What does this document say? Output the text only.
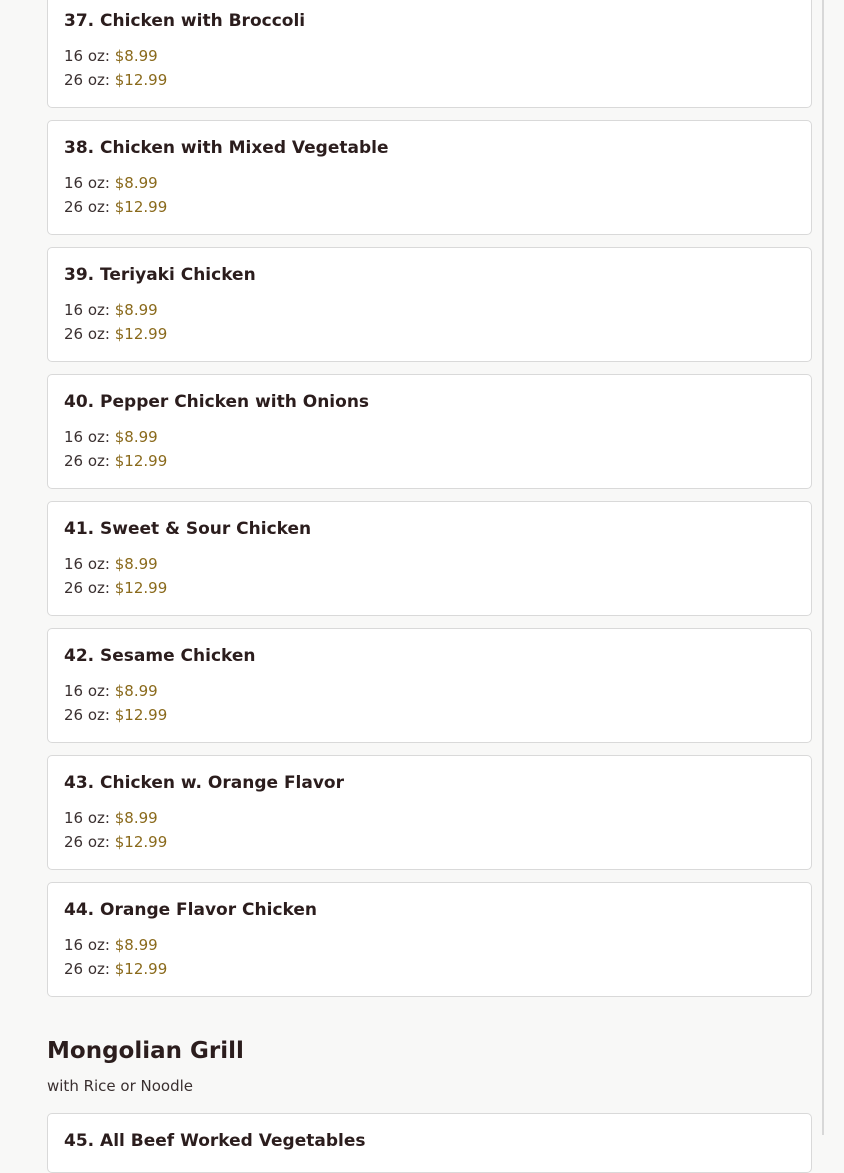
37. Chicken with Broccoli
16 oz: $8.99
26 oz: $12.99
38. Chicken with Mixed Vegetable
16 oz: $8.99
26 oz: $12.99
39. Teriyaki Chicken
16 oz: $8.99
26 oz: $12.99
40. Pepper Chicken with Onions
16 oz: $8.99
26 oz: $12.99
41. Sweet & Sour Chicken
16 oz: $8.99
26 oz: $12.99
42. Sesame Chicken
16 oz: $8.99
26 oz: $12.99
43. Chicken w. Orange Flavor
16 oz: $8.99
26 oz: $12.99
44. Orange Flavor Chicken
16 oz: $8.99
26 oz: $12.99
Mongolian Grill
with Rice or Noodle
45. All Beef Worked Vegetables
